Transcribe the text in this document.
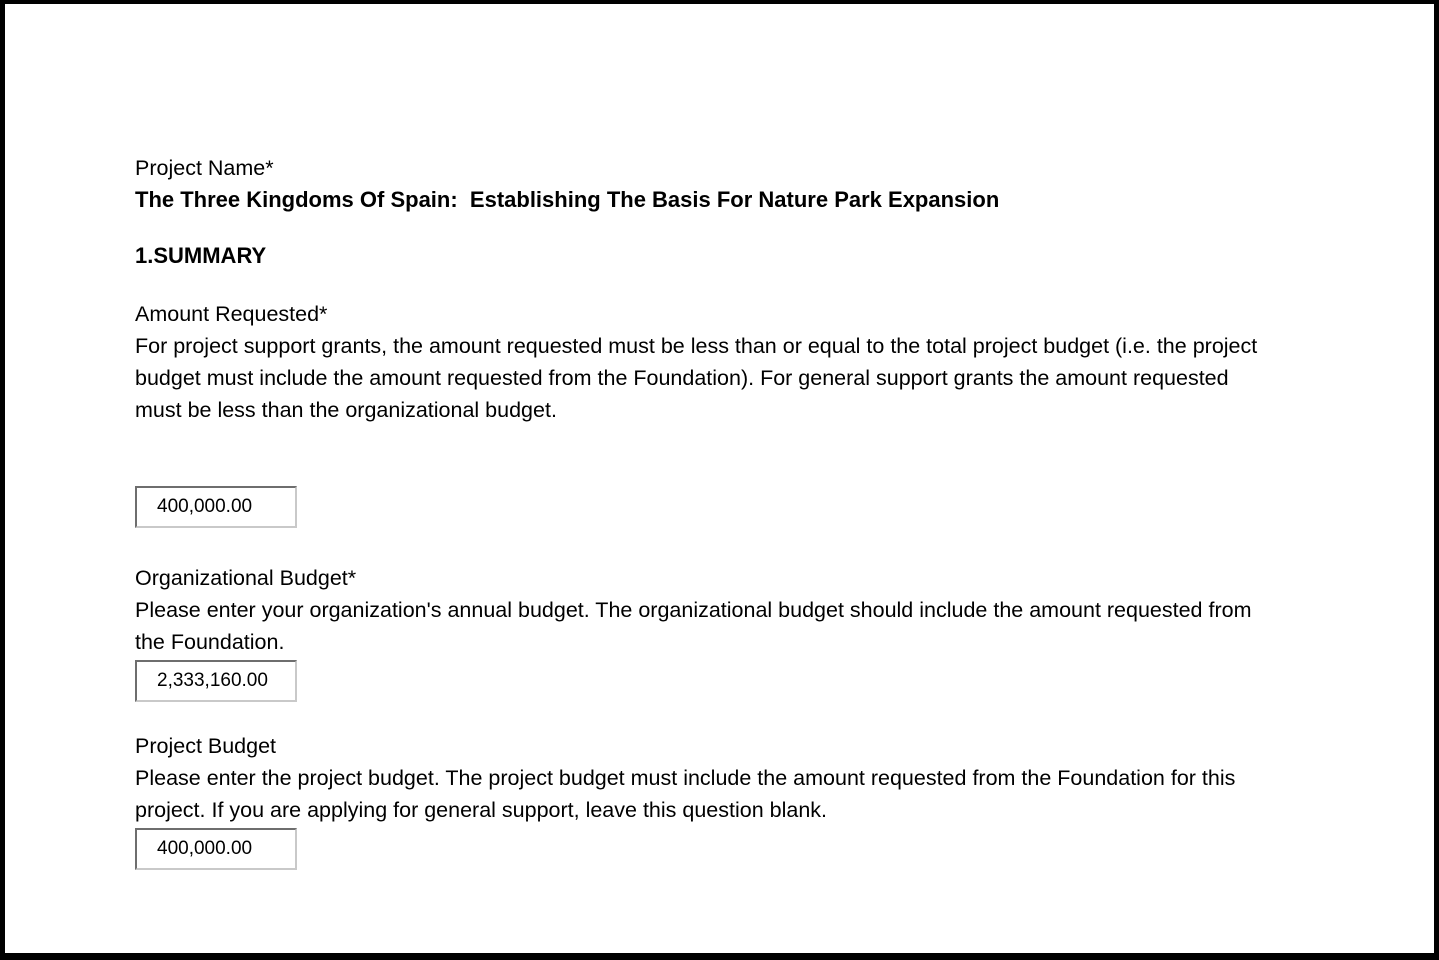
Project Name*
The Three Kingdoms Of Spain:  Establishing The Basis For Nature Park Expansion
1.SUMMARY
Amount Requested*
For project support grants, the amount requested must be less than or equal to the total project budget (i.e. the project budget must include the amount requested from the Foundation). For general support grants the amount requested must be less than the organizational budget.
400,000.00
Organizational Budget*
Please enter your organization's annual budget. The organizational budget should include the amount requested from the Foundation.
2,333,160.00
Project Budget
Please enter the project budget. The project budget must include the amount requested from the Foundation for this project. If you are applying for general support, leave this question blank.
400,000.00
